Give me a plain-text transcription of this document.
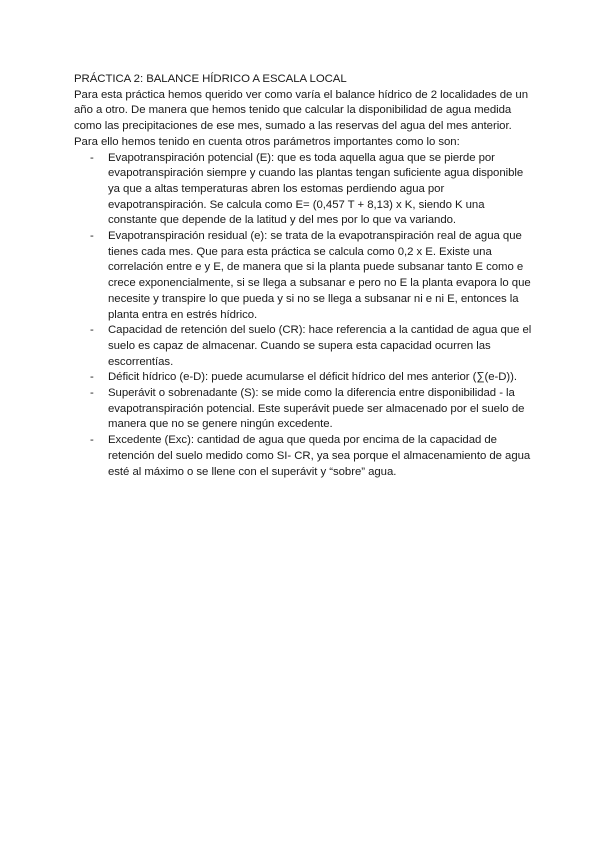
PRÁCTICA 2: BALANCE HÍDRICO A ESCALA LOCAL

Para esta práctica hemos querido ver como varía el balance hídrico de 2 localidades de un año a otro. De manera que hemos tenido que calcular la disponibilidad de agua medida como las precipitaciones de ese mes, sumado a las reservas del agua del mes anterior.

Para ello hemos tenido en cuenta otros parámetros importantes como lo son:

- Evapotranspiración potencial (E): que es toda aquella agua que se pierde por evapotranspiración siempre y cuando las plantas tengan suficiente agua disponible ya que a altas temperaturas abren los estomas perdiendo agua por evapotranspiración. Se calcula como E= (0,457 T + 8,13) x K, siendo K una constante que depende de la latitud y del mes por lo que va variando.
- Evapotranspiración residual (e): se trata de la evapotranspiración real de agua que tienes cada mes. Que para esta práctica se calcula como 0,2 x E. Existe una correlación entre e y E, de manera que si la planta puede subsanar tanto E como e crece exponencialmente, si se llega a subsanar e pero no E la planta evapora lo que necesite y transpire lo que pueda y si no se llega a subsanar ni e ni E, entonces la planta entra en estrés hídrico.
- Capacidad de retención del suelo (CR): hace referencia a la cantidad de agua que el suelo es capaz de almacenar. Cuando se supera esta capacidad ocurren las escorrentías.
- Déficit hídrico (e-D): puede acumularse el déficit hídrico del mes anterior (∑(e-D)).
- Superávit o sobrenadante (S): se mide como la diferencia entre disponibilidad - la evapotranspiración potencial. Este superávit puede ser almacenado por el suelo de manera que no se genere ningún excedente.
- Excedente (Exc): cantidad de agua que queda por encima de la capacidad de retención del suelo medido como SI- CR, ya sea porque el almacenamiento de agua esté al máximo o se llene con el superávit y “sobre” agua.
